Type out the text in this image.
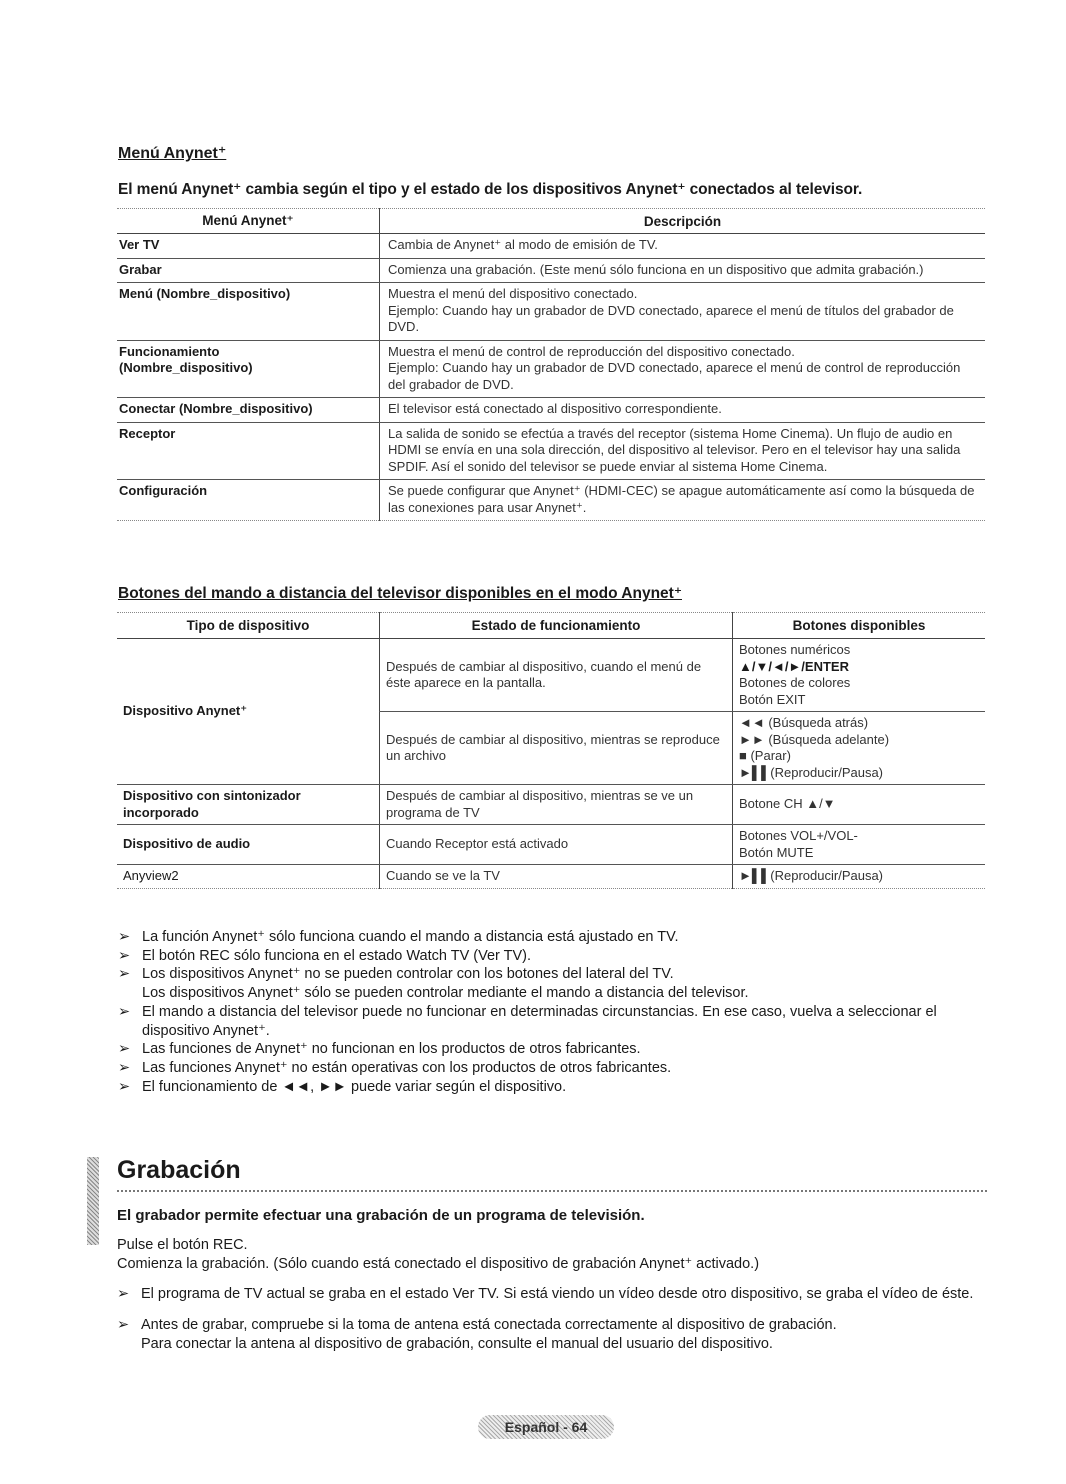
Menú Anynet⁺
El menú Anynet⁺ cambia según el tipo y el estado de los dispositivos Anynet⁺ conectados al televisor.
Menú Anynet⁺	Descripción
Ver TV	Cambia de Anynet⁺ al modo de emisión de TV.
Grabar	Comienza una grabación. (Este menú sólo funciona en un dispositivo que admita grabación.)
Menú (Nombre_dispositivo)	Muestra el menú del dispositivo conectado.
Ejemplo: Cuando hay un grabador de DVD conectado, aparece el menú de títulos del grabador de DVD.
Funcionamiento
(Nombre_dispositivo)	Muestra el menú de control de reproducción del dispositivo conectado.
Ejemplo: Cuando hay un grabador de DVD conectado, aparece el menú de control de reproducción del grabador de DVD.
Conectar (Nombre_dispositivo)	El televisor está conectado al dispositivo correspondiente.
Receptor	La salida de sonido se efectúa a través del receptor (sistema Home Cinema). Un flujo de audio en HDMI se envía en una sola dirección, del dispositivo al televisor. Pero en el televisor hay una salida SPDIF. Así el sonido del televisor se puede enviar al sistema Home Cinema.
Configuración	Se puede configurar que Anynet⁺ (HDMI-CEC) se apague automáticamente así como la búsqueda de las conexiones para usar Anynet⁺.
Botones del mando a distancia del televisor disponibles en el modo Anynet⁺
Tipo de dispositivo	Estado de funcionamiento	Botones disponibles
Dispositivo Anynet⁺	Después de cambiar al dispositivo, cuando el menú de éste aparece en la pantalla.	Botones numéricos
▲/▼/◄/►/ENTER
Botones de colores
Botón EXIT

	Después de cambiar al dispositivo, mientras se reproduce un archivo	◄◄ (Búsqueda atrás)
►► (Búsqueda adelante)
■ (Parar)
►▌▌(Reproducir/Pausa)

Dispositivo con sintonizador incorporado	Después de cambiar al dispositivo, mientras se ve un programa de TV	Botone CH ▲/▼
Dispositivo de audio	Cuando Receptor está activado	Botones VOL+/VOL-
Botón MUTE

Anyview2	Cuando se ve la TV	►▌▌(Reproducir/Pausa)
➢ La función Anynet⁺ sólo funciona cuando el mando a distancia está ajustado en TV.
➢ El botón REC sólo funciona en el estado Watch TV (Ver TV).
➢ Los dispositivos Anynet⁺ no se pueden controlar con los botones del lateral del TV.
Los dispositivos Anynet⁺ sólo se pueden controlar mediante el mando a distancia del televisor.
➢ El mando a distancia del televisor puede no funcionar en determinadas circunstancias. En ese caso, vuelva a seleccionar el dispositivo Anynet⁺.
➢ Las funciones de Anynet⁺ no funcionan en los productos de otros fabricantes.
➢ Las funciones Anynet⁺ no están operativas con los productos de otros fabricantes.
➢ El funcionamiento de ◄◄, ►► puede variar según el dispositivo.
Grabación
El grabador permite efectuar una grabación de un programa de televisión.
Pulse el botón REC.
Comienza la grabación. (Sólo cuando está conectado el dispositivo de grabación Anynet⁺ activado.)
➢ El programa de TV actual se graba en el estado Ver TV. Si está viendo un vídeo desde otro dispositivo, se graba el vídeo de éste.
➢ Antes de grabar, compruebe si la toma de antena está conectada correctamente al dispositivo de grabación.
Para conectar la antena al dispositivo de grabación, consulte el manual del usuario del dispositivo.
Español - 64
